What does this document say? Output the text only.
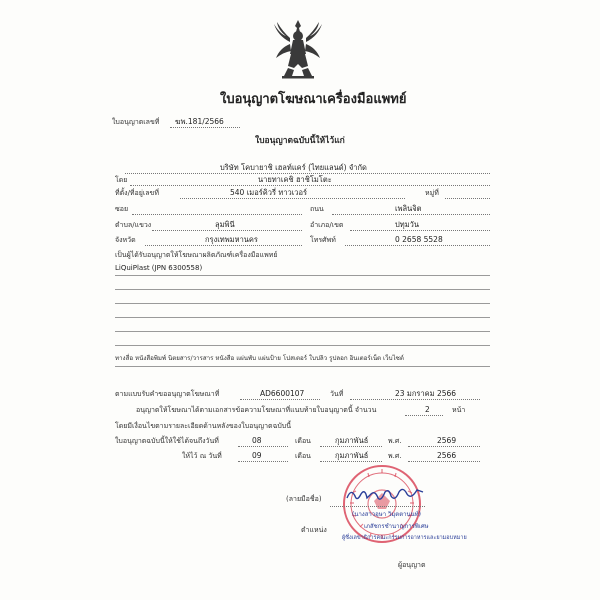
ใบอนุญาตโฆษณาเครื่องมือแพทย์
ใบอนุญาตเลขที่ ฆพ.181/2566
ใบอนุญาตฉบับนี้ให้ไว้แก่
บริษัท โคบายาชิ เฮลท์แคร์ (ไทยแลนด์) จำกัด
โดย	นายทาเคชิ ฮาชิโมโตะ
ที่ตั้ง/ที่อยู่เลขที่	540 เมอร์คิวรี่ ทาวเวอร์	หมู่ที่
ซอย	ถนน	เพลินจิต
ตำบล/แขวง	ลุมพินี	อำเภอ/เขต	ปทุมวัน
จังหวัด	กรุงเทพมหานคร	โทรศัพท์	0 2658 5528
เป็นผู้ได้รับอนุญาตให้โฆษณาผลิตภัณฑ์เครื่องมือแพทย์
LiQuiPlast (JPN 6300558)
ทางสื่อ หนังสือพิมพ์ นิตยสาร/วารสาร หนังสือ แผ่นพับ แผ่นป้าย โปสเตอร์ ใบปลิว รูปลอก อินเตอร์เน็ต เว็บไซต์
ตามแบบรับคำขออนุญาตโฆษณาที่	AD6600107	วันที่	23 มกราคม 2566
อนุญาตให้โฆษณาได้ตามเอกสารข้อความโฆษณาที่แนบท้ายใบอนุญาตนี้ จำนวน	2	หน้า
โดยมีเงื่อนไขตามรายละเอียดด้านหลังของใบอนุญาตฉบับนี้
ใบอนุญาตฉบับนี้ให้ใช้ได้จนถึงวันที่	08	เดือน	กุมภาพันธ์	พ.ศ.	2569
ให้ไว้ ณ วันที่	09	เดือน	กุมภาพันธ์	พ.ศ.	2566
(ลายมือชื่อ)
(นางสาวอุษา วิมุตตานนท์)
ตำแหน่ง	เภสัชกรชำนาญการพิเศษ
ผู้ซึ่งเลขาธิการคณะกรรมการอาหารและยามอบหมาย
ผู้อนุญาต
